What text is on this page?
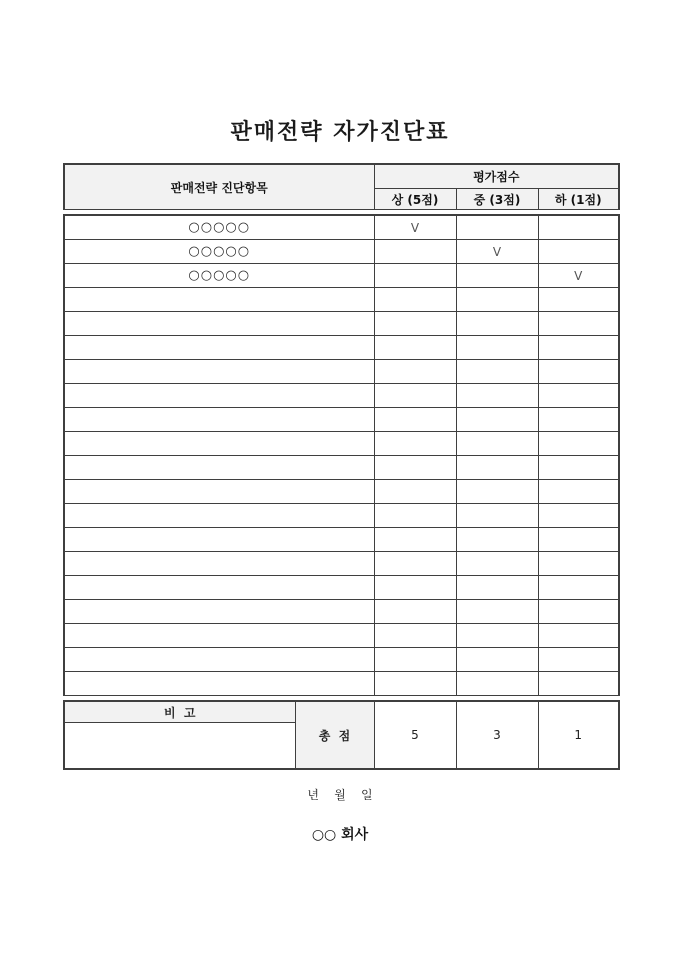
판매전략 자가진단표
판매전략 진단항목	평가점수		
	상 (5점)	중 (3점)	하 (1점)
○○○○○	V		
○○○○○		V	
○○○○○			V

비  고	총  점	5	3	1

년    월    일
○○ 회사
